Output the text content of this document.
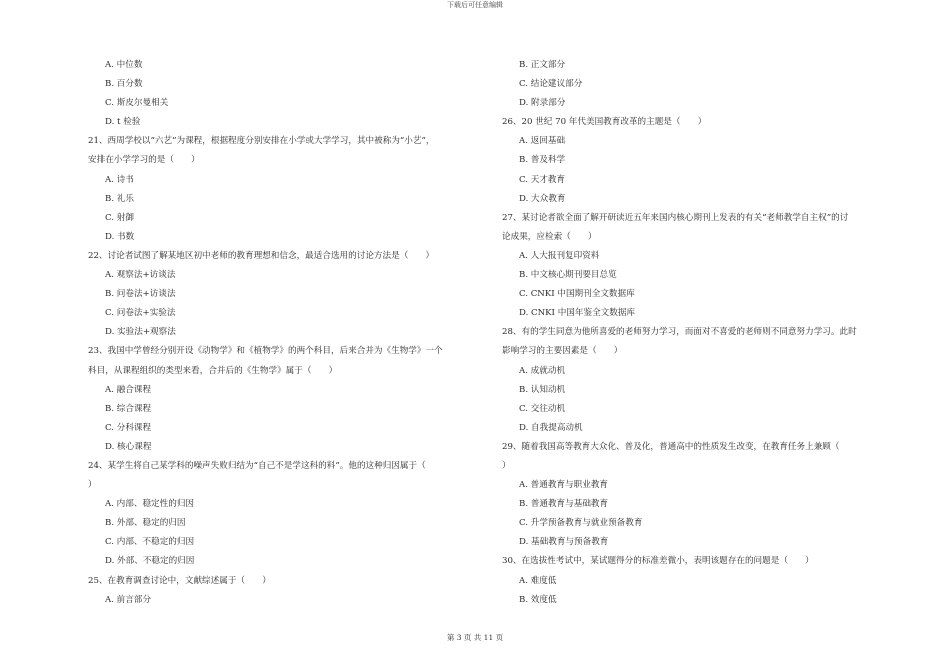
下载后可任意编辑
A. 中位数
B. 百分数
C. 斯皮尔曼相关
D. t 检验
21、西周学校以“六艺”为课程，根据程度分别安排在小学或大学学习，其中被称为“小艺”，
安排在小学学习的是（　　）
A. 诗书
B. 礼乐
C. 射御
D. 书数
22、讨论者试图了解某地区初中老师的教育理想和信念，最适合选用的讨论方法是（　　）
A. 观察法+访谈法
B. 问卷法+访谈法
C. 问卷法+实验法
D. 实验法+观察法
23、我国中学曾经分别开设《动物学》和《植物学》的两个科目，后来合并为《生物学》一个
科目，从课程组织的类型来看，合并后的《生物学》属于（　　）
A. 融合课程
B. 综合课程
C. 分科课程
D. 核心课程
24、某学生将自己某学科的噪声失败归结为“自己不是学这科的料”。他的这种归因属于（
）
A. 内部、稳定性的归因
B. 外部、稳定的归因
C. 内部、不稳定的归因
D. 外部、不稳定的归因
25、在教育调查讨论中，文献综述属于（　　）
A. 前言部分
B. 正文部分
C. 结论建议部分
D. 附录部分
26、20 世纪 70 年代美国教育改革的主题是（　　）
A. 返回基础
B. 普及科学
C. 天才教育
D. 大众教育
27、某讨论者欲全面了解开研读近五年来国内核心期刊上发表的有关“老师教学自主权”的讨
论成果，应检索（　　）
A. 人大报刊复印资料
B. 中文核心期刊要目总览
C. CNKI 中国期刊全文数据库
D. CNKI 中国年鉴全文数据库
28、有的学生同意为他所喜爱的老师努力学习，而面对不喜爱的老师则不同意努力学习。此时
影响学习的主要因素是（　　）
A. 成就动机
B. 认知动机
C. 交往动机
D. 自我提高动机
29、随着我国高等教育大众化、普及化，普通高中的性质发生改变，在教育任务上兼顾（
）
A. 普通教育与职业教育
B. 普通教育与基础教育
C. 升学预备教育与就业预备教育
D. 基础教育与预备教育
30、在选拔性考试中，某试题得分的标准差微小，表明该题存在的问题是（　　）
A. 难度低
B. 效度低
第 3 页 共 11 页
